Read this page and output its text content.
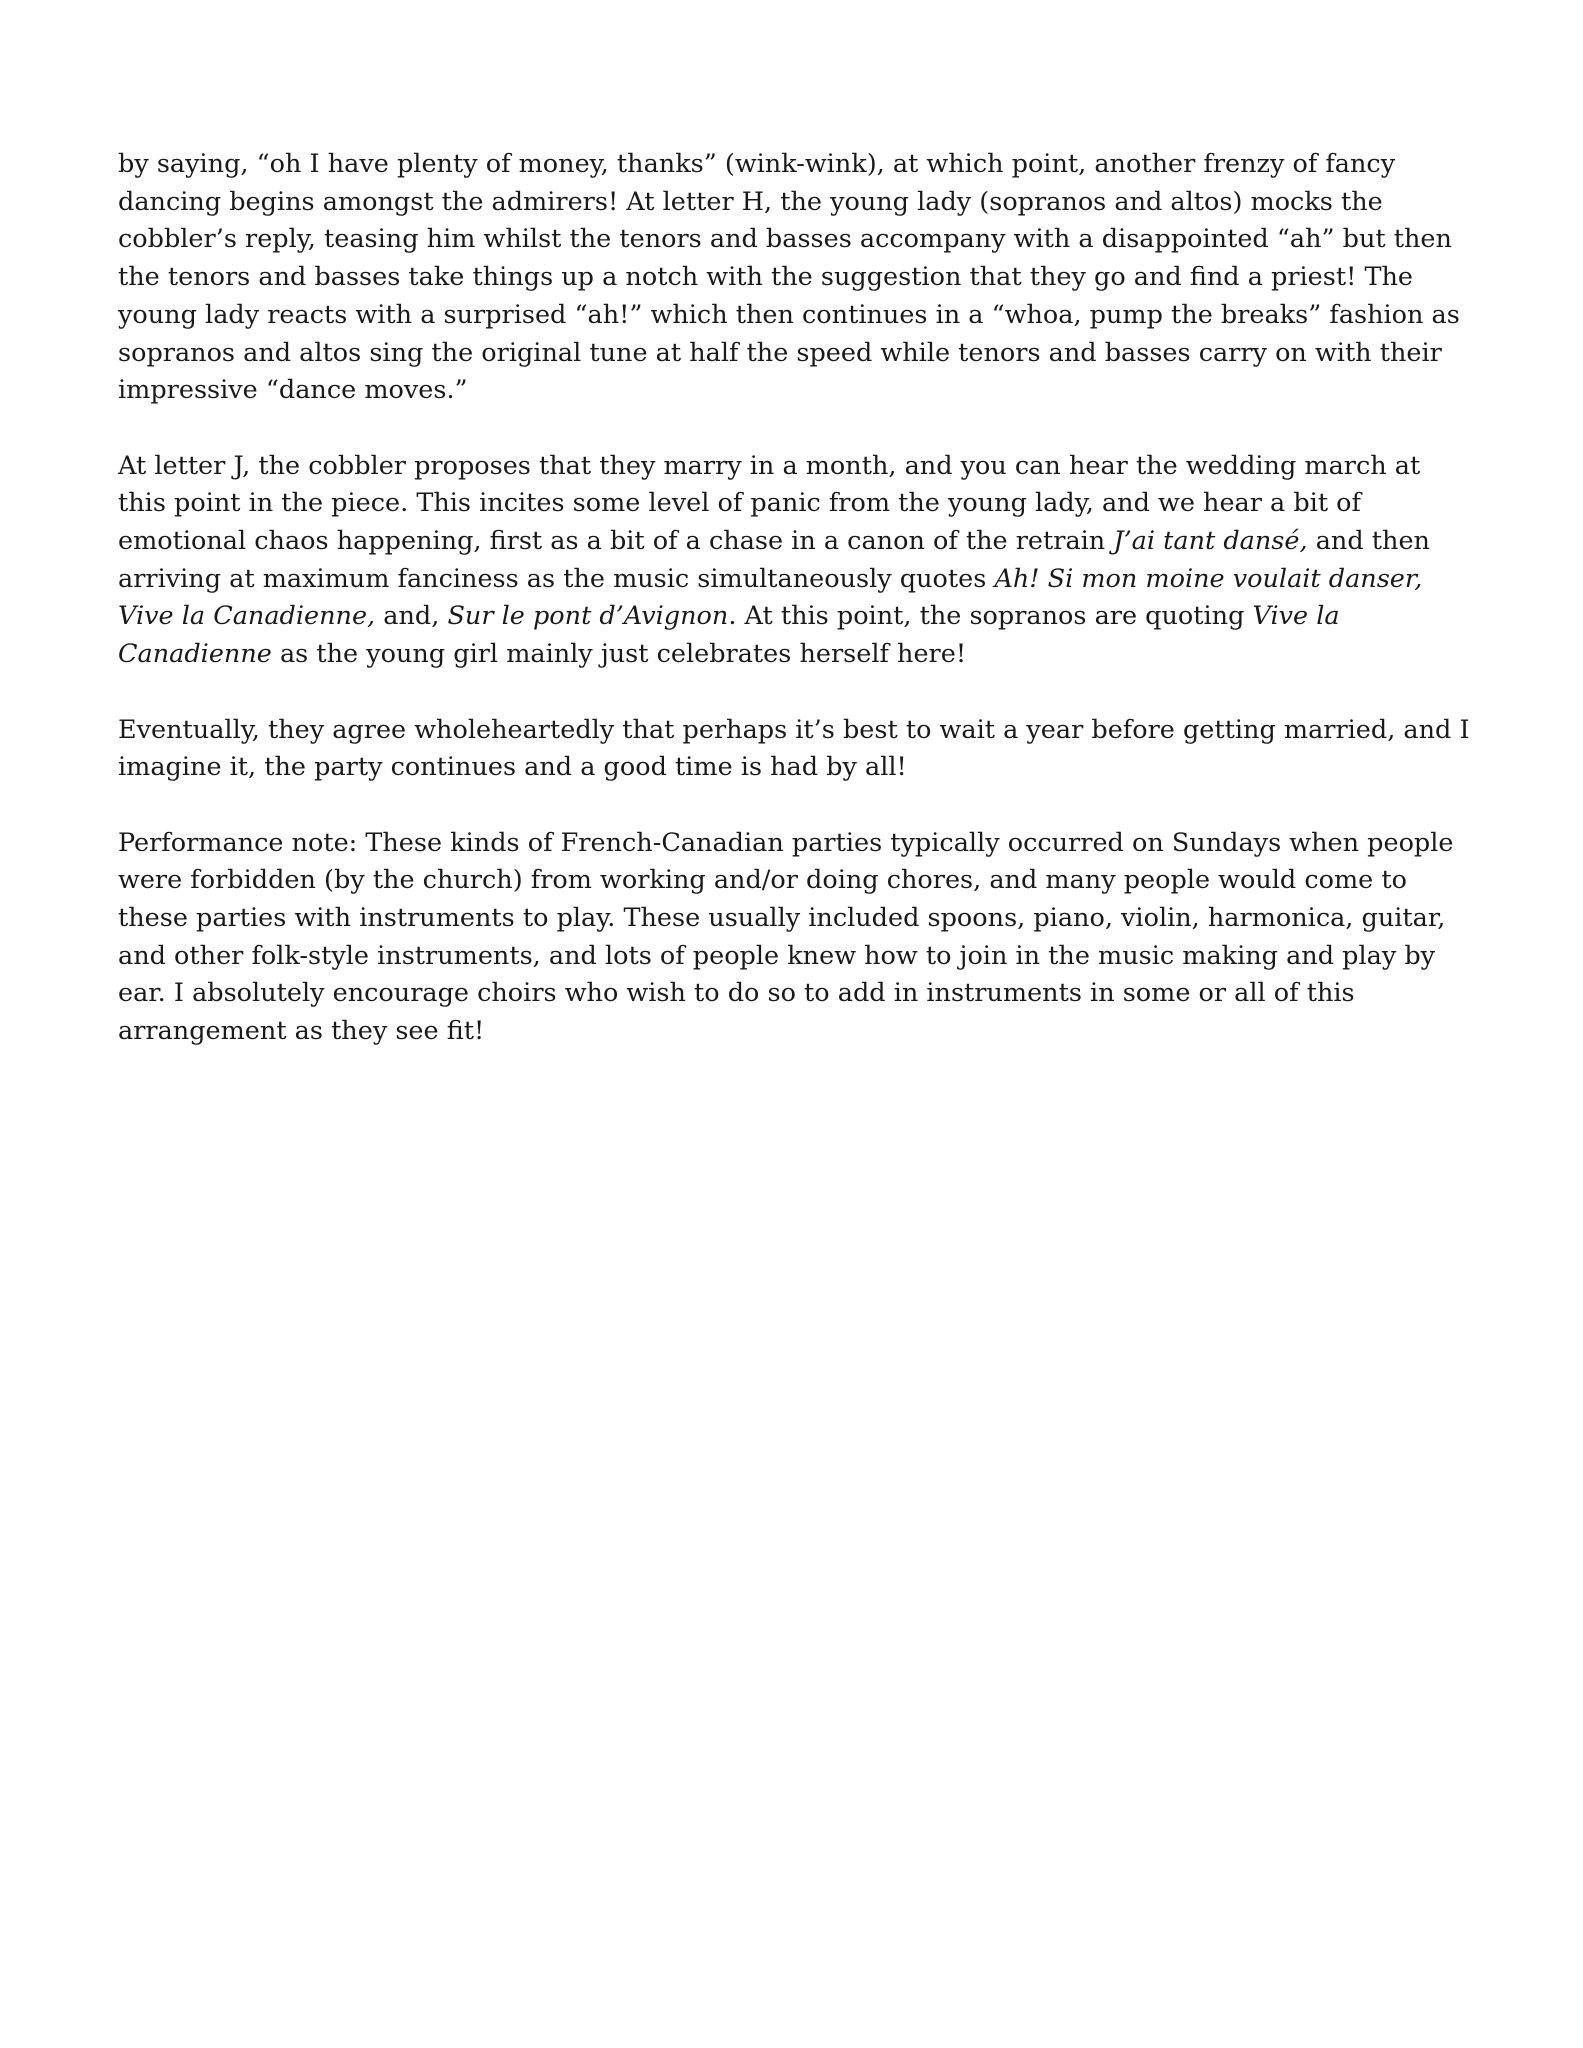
by saying, “oh I have plenty of money, thanks” (wink-wink), at which point, another frenzy of fancy dancing begins amongst the admirers! At letter H, the young lady (sopranos and altos) mocks the cobbler’s reply, teasing him whilst the tenors and basses accompany with a disappointed “ah” but then the tenors and basses take things up a notch with the suggestion that they go and find a priest! The young lady reacts with a surprised “ah!” which then continues in a “whoa, pump the breaks” fashion as sopranos and altos sing the original tune at half the speed while tenors and basses carry on with their impressive “dance moves.”

At letter J, the cobbler proposes that they marry in a month, and you can hear the wedding march at this point in the piece. This incites some level of panic from the young lady, and we hear a bit of emotional chaos happening, first as a bit of a chase in a canon of the retrain J’ai tant dansé, and then arriving at maximum fanciness as the music simultaneously quotes Ah! Si mon moine voulait danser, Vive la Canadienne, and, Sur le pont d’Avignon. At this point, the sopranos are quoting Vive la Canadienne as the young girl mainly just celebrates herself here!

Eventually, they agree wholeheartedly that perhaps it’s best to wait a year before getting married, and I imagine it, the party continues and a good time is had by all!

Performance note: These kinds of French-Canadian parties typically occurred on Sundays when people were forbidden (by the church) from working and/or doing chores, and many people would come to these parties with instruments to play. These usually included spoons, piano, violin, harmonica, guitar, and other folk-style instruments, and lots of people knew how to join in the music making and play by ear. I absolutely encourage choirs who wish to do so to add in instruments in some or all of this arrangement as they see fit!
